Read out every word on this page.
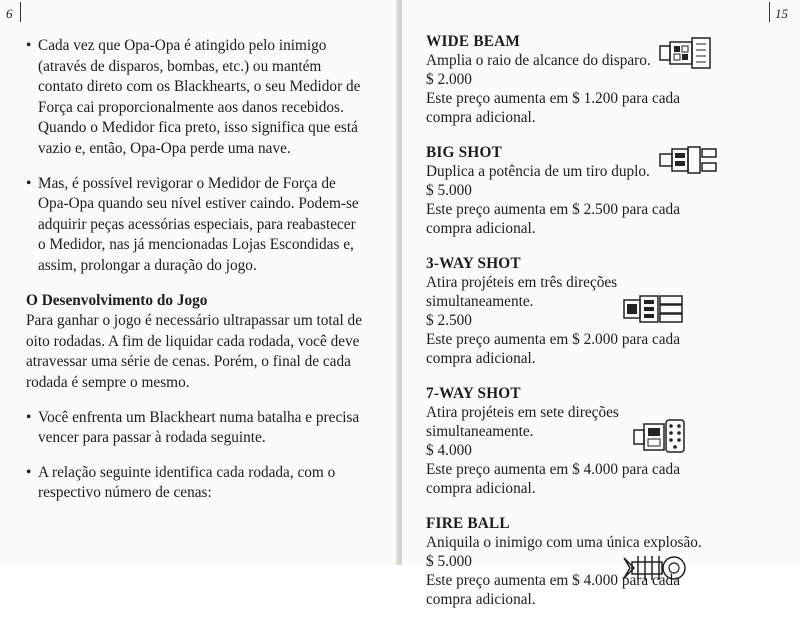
6

• Cada vez que Opa-Opa é atingido pelo inimigo (através de disparos, bombas, etc.) ou mantém contato direto com os Blackhearts, o seu Medidor de Força cai proporcionalmente aos danos recebidos. Quando o Medidor fica preto, isso significa que está vazio e, então, Opa-Opa perde uma nave.

• Mas, é possível revigorar o Medidor de Força de Opa-Opa quando seu nível estiver caindo. Podem-se adquirir peças acessórias especiais, para reabastecer o Medidor, nas já mencionadas Lojas Escondidas e, assim, prolongar a duração do jogo.

O Desenvolvimento do Jogo

Para ganhar o jogo é necessário ultrapassar um total de oito rodadas. A fim de liquidar cada rodada, você deve atravessar uma série de cenas. Porém, o final de cada rodada é sempre o mesmo.

• Você enfrenta um Blackheart numa batalha e precisa vencer para passar à rodada seguinte.

• A relação seguinte identifica cada rodada, com o respectivo número de cenas:

15
WIDE BEAM
Amplia o raio de alcance do disparo.
$ 2.000
Este preço aumenta em $ 1.200 para cada compra adicional.
BIG SHOT
Duplica a potência de um tiro duplo.
$ 5.000
Este preço aumenta em $ 2.500 para cada compra adicional.
3-WAY SHOT
Atira projéteis em três direções simultaneamente.
$ 2.500
Este preço aumenta em $ 2.000 para cada compra adicional.
7-WAY SHOT
Atira projéteis em sete direções simultaneamente.
$ 4.000
Este preço aumenta em $ 4.000 para cada compra adicional.
FIRE BALL
Aniquila o inimigo com uma única explosão.
$ 5.000
Este preço aumenta em $ 4.000 para cada compra adicional.
